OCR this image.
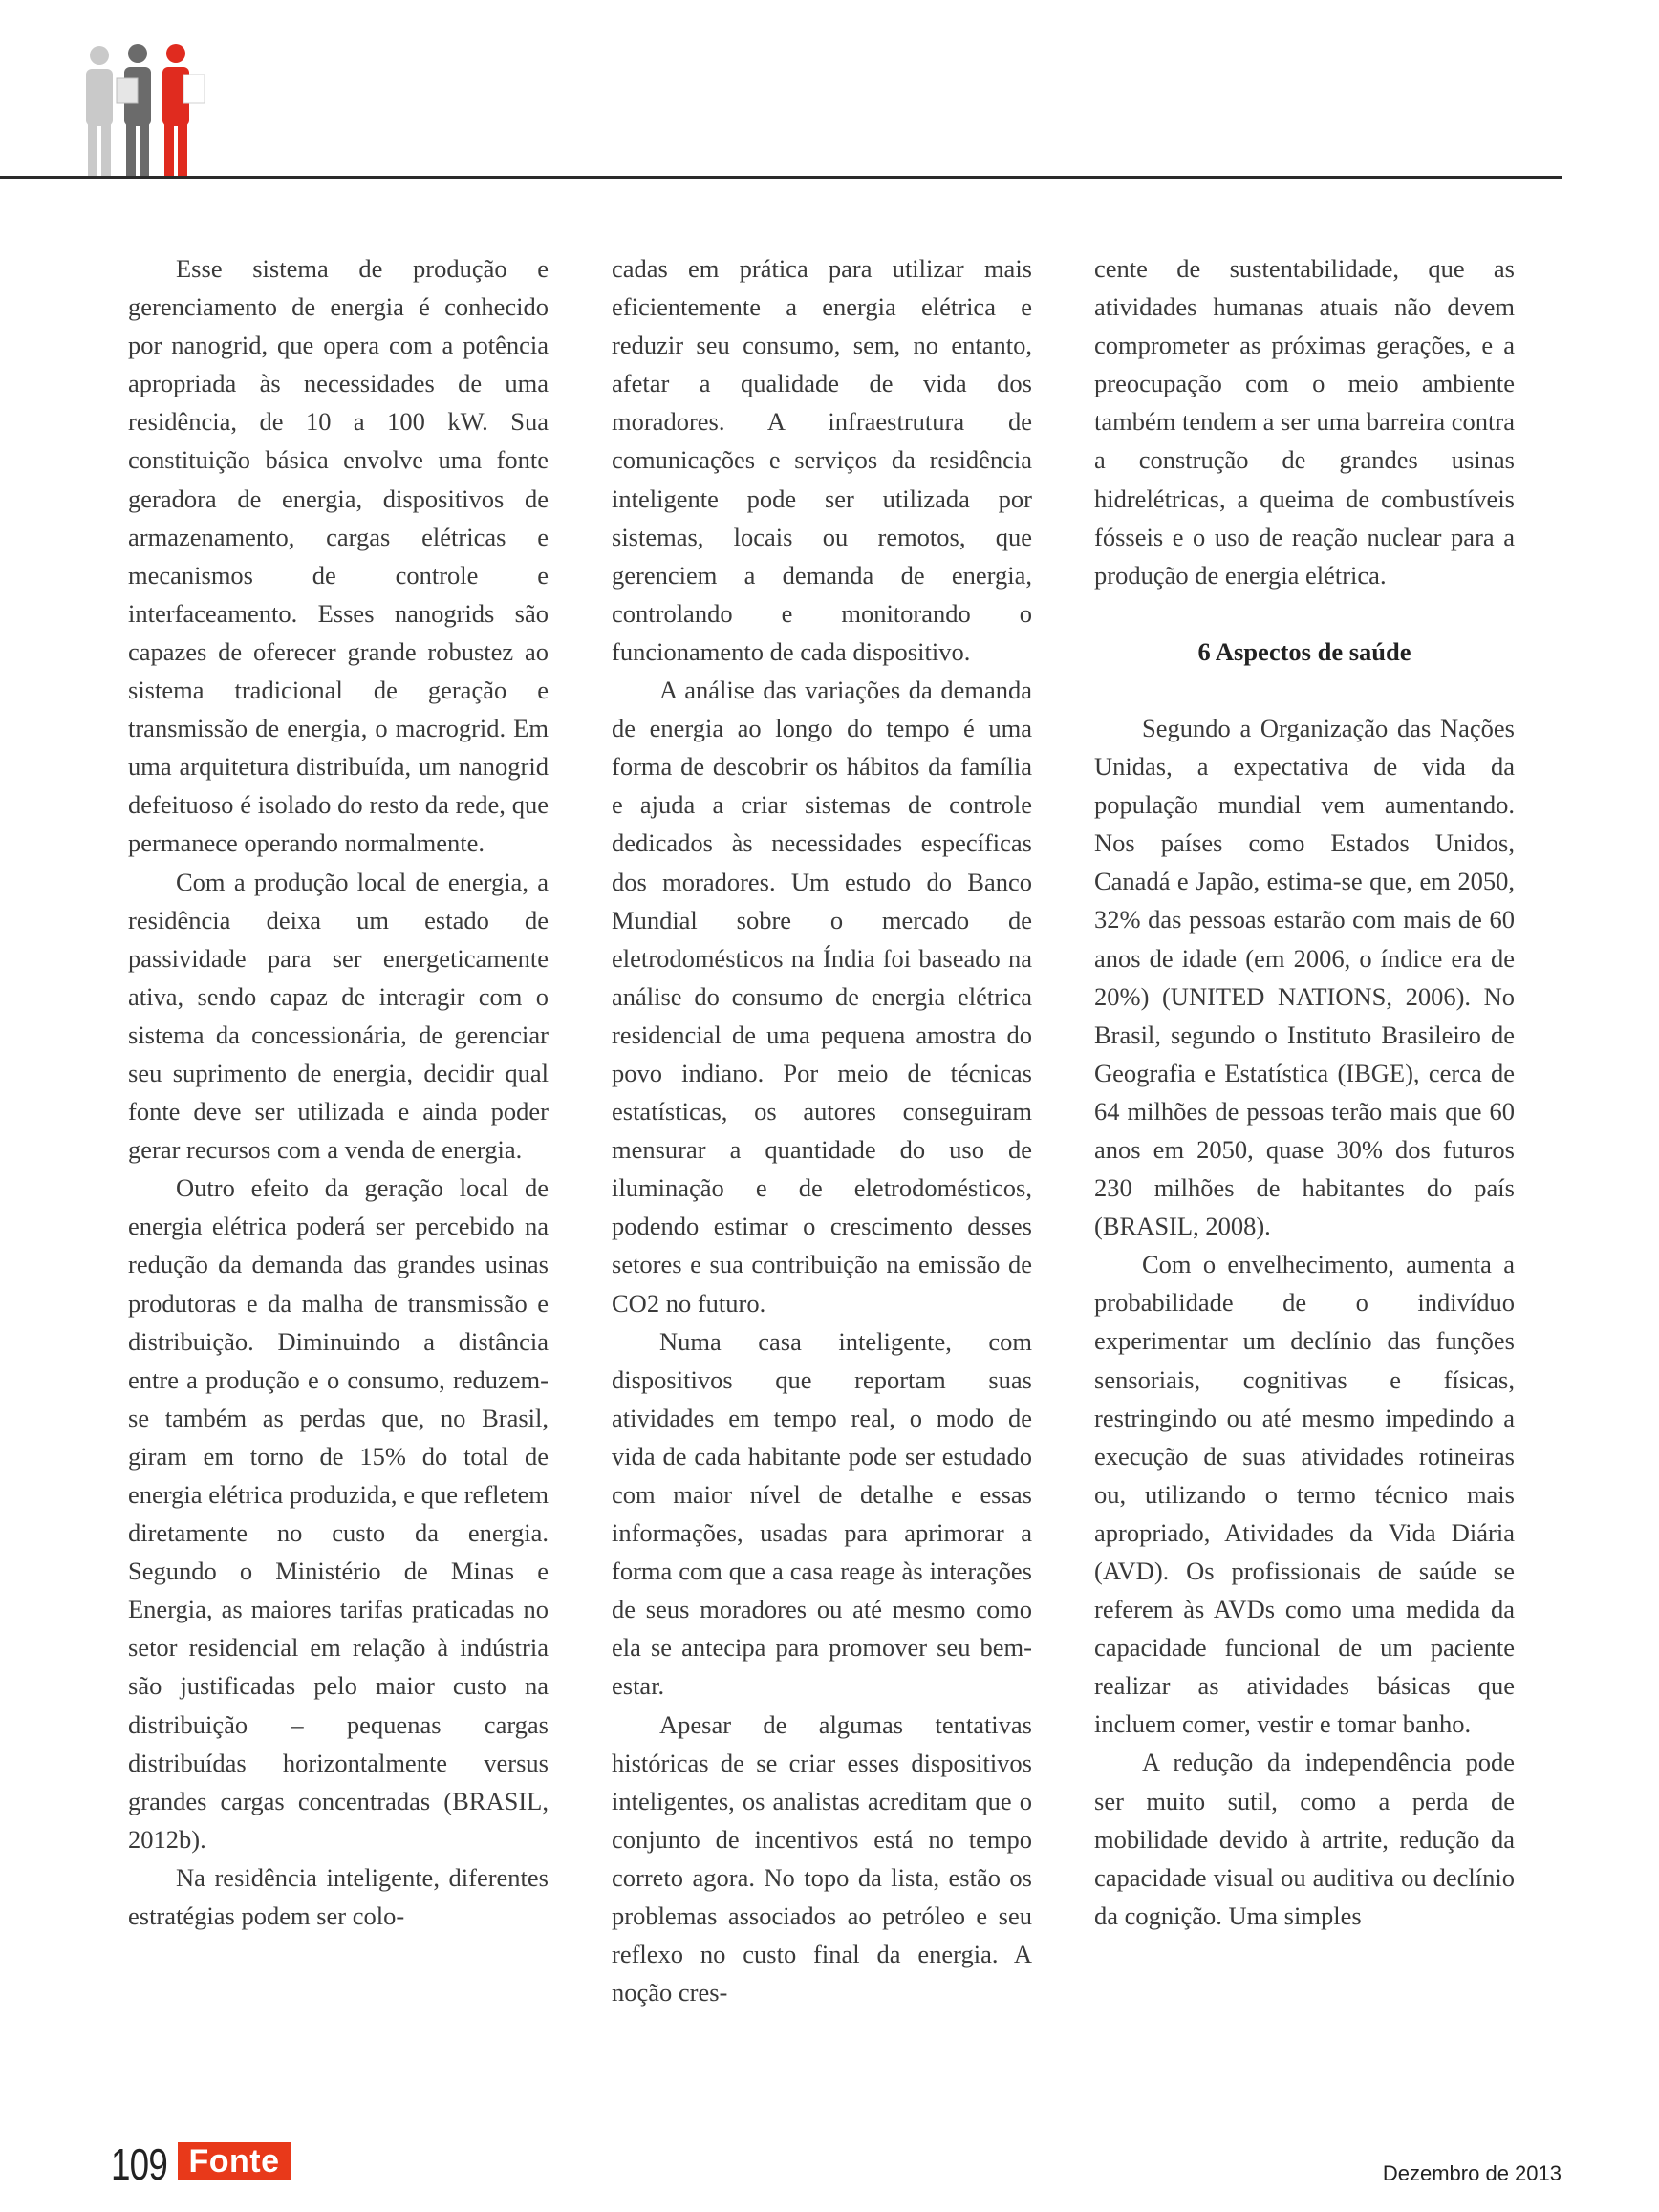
Esse sistema de produção e gerenciamento de energia é conhecido por nanogrid, que opera com a potência apropriada às necessidades de uma residência, de 10 a 100 kW. Sua constituição básica envolve uma fonte geradora de energia, dispositivos de armazenamento, cargas elétricas e mecanismos de controle e interfaceamento. Esses nanogrids são capazes de oferecer grande robustez ao sistema tradicional de geração e transmissão de energia, o macrogrid. Em uma arquitetura distribuída, um nanogrid defeituoso é isolado do resto da rede, que permanece operando normalmente.

Com a produção local de energia, a residência deixa um estado de passividade para ser energeticamente ativa, sendo capaz de interagir com o sistema da concessionária, de gerenciar seu suprimento de energia, decidir qual fonte deve ser utilizada e ainda poder gerar recursos com a venda de energia.

Outro efeito da geração local de energia elétrica poderá ser percebido na redução da demanda das grandes usinas produtoras e da malha de transmissão e distribuição. Diminuindo a distância entre a produção e o consumo, reduzem-se também as perdas que, no Brasil, giram em torno de 15% do total de energia elétrica produzida, e que refletem diretamente no custo da energia. Segundo o Ministério de Minas e Energia, as maiores tarifas praticadas no setor residencial em relação à indústria são justificadas pelo maior custo na distribuição – pequenas cargas distribuídas horizontalmente versus grandes cargas concentradas (BRASIL, 2012b).

Na residência inteligente, diferentes estratégias podem ser colo-

cadas em prática para utilizar mais eficientemente a energia elétrica e reduzir seu consumo, sem, no entanto, afetar a qualidade de vida dos moradores. A infraestrutura de comunicações e serviços da residência inteligente pode ser utilizada por sistemas, locais ou remotos, que gerenciem a demanda de energia, controlando e monitorando o funcionamento de cada dispositivo.

A análise das variações da demanda de energia ao longo do tempo é uma forma de descobrir os hábitos da família e ajuda a criar sistemas de controle dedicados às necessidades específicas dos moradores. Um estudo do Banco Mundial sobre o mercado de eletrodomésticos na Índia foi baseado na análise do consumo de energia elétrica residencial de uma pequena amostra do povo indiano. Por meio de técnicas estatísticas, os autores conseguiram mensurar a quantidade do uso de iluminação e de eletrodomésticos, podendo estimar o crescimento desses setores e sua contribuição na emissão de CO2 no futuro.

Numa casa inteligente, com dispositivos que reportam suas atividades em tempo real, o modo de vida de cada habitante pode ser estudado com maior nível de detalhe e essas informações, usadas para aprimorar a forma com que a casa reage às interações de seus moradores ou até mesmo como ela se antecipa para promover seu bem-estar.

Apesar de algumas tentativas históricas de se criar esses dispositivos inteligentes, os analistas acreditam que o conjunto de incentivos está no tempo correto agora. No topo da lista, estão os problemas associados ao petróleo e seu reflexo no custo final da energia. A noção cres-

cente de sustentabilidade, que as atividades humanas atuais não devem comprometer as próximas gerações, e a preocupação com o meio ambiente também tendem a ser uma barreira contra a construção de grandes usinas hidrelétricas, a queima de combustíveis fósseis e o uso de reação nuclear para a produção de energia elétrica.

6 Aspectos de saúde

Segundo a Organização das Nações Unidas, a expectativa de vida da população mundial vem aumentando. Nos países como Estados Unidos, Canadá e Japão, estima-se que, em 2050, 32% das pessoas estarão com mais de 60 anos de idade (em 2006, o índice era de 20%) (UNITED NATIONS, 2006). No Brasil, segundo o Instituto Brasileiro de Geografia e Estatística (IBGE), cerca de 64 milhões de pessoas terão mais que 60 anos em 2050, quase 30% dos futuros 230 milhões de habitantes do país (BRASIL, 2008).

Com o envelhecimento, aumenta a probabilidade de o indivíduo experimentar um declínio das funções sensoriais, cognitivas e físicas, restringindo ou até mesmo impedindo a execução de suas atividades rotineiras ou, utilizando o termo técnico mais apropriado, Atividades da Vida Diária (AVD). Os profissionais de saúde se referem às AVDs como uma medida da capacidade funcional de um paciente realizar as atividades básicas que incluem comer, vestir e tomar banho.

A redução da independência pode ser muito sutil, como a perda de mobilidade devido à artrite, redução da capacidade visual ou auditiva ou declínio da cognição. Uma simples

109 Fonte	Dezembro de 2013
